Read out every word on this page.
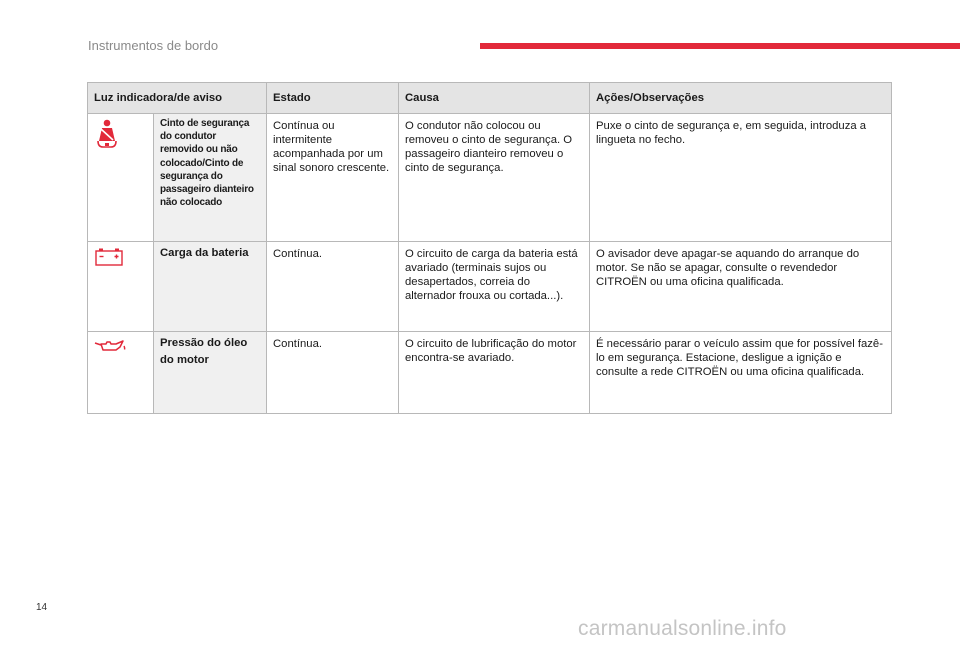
Instrumentos de bordo
Luz indicadora/de aviso		Estado	Causa	Ações/Observações
	Cinto de segurança do condutor removido ou não colocado/Cinto de segurança do passageiro dianteiro não colocado	Contínua ou intermitente acompanhada por um sinal sonoro crescente.	O condutor não colocou ou removeu o cinto de segurança. O passageiro dianteiro removeu o cinto de segurança.	Puxe o cinto de segurança e, em seguida, introduza a lingueta no fecho.
	Carga da bateria	Contínua.	O circuito de carga da bateria está avariado (terminais sujos ou desapertados, correia do alternador frouxa ou cortada...).	O avisador deve apagar-se aquando do arranque do motor. Se não se apagar, consulte o revendedor CITROËN ou uma oficina qualificada.
	Pressão do óleo do motor	Contínua.	O circuito de lubrificação do motor encontra-se avariado.	É necessário parar o veículo assim que for possível fazê-lo em segurança. Estacione, desligue a ignição e consulte a rede CITROËN ou uma oficina qualificada.
14
carmanualsonline.info
